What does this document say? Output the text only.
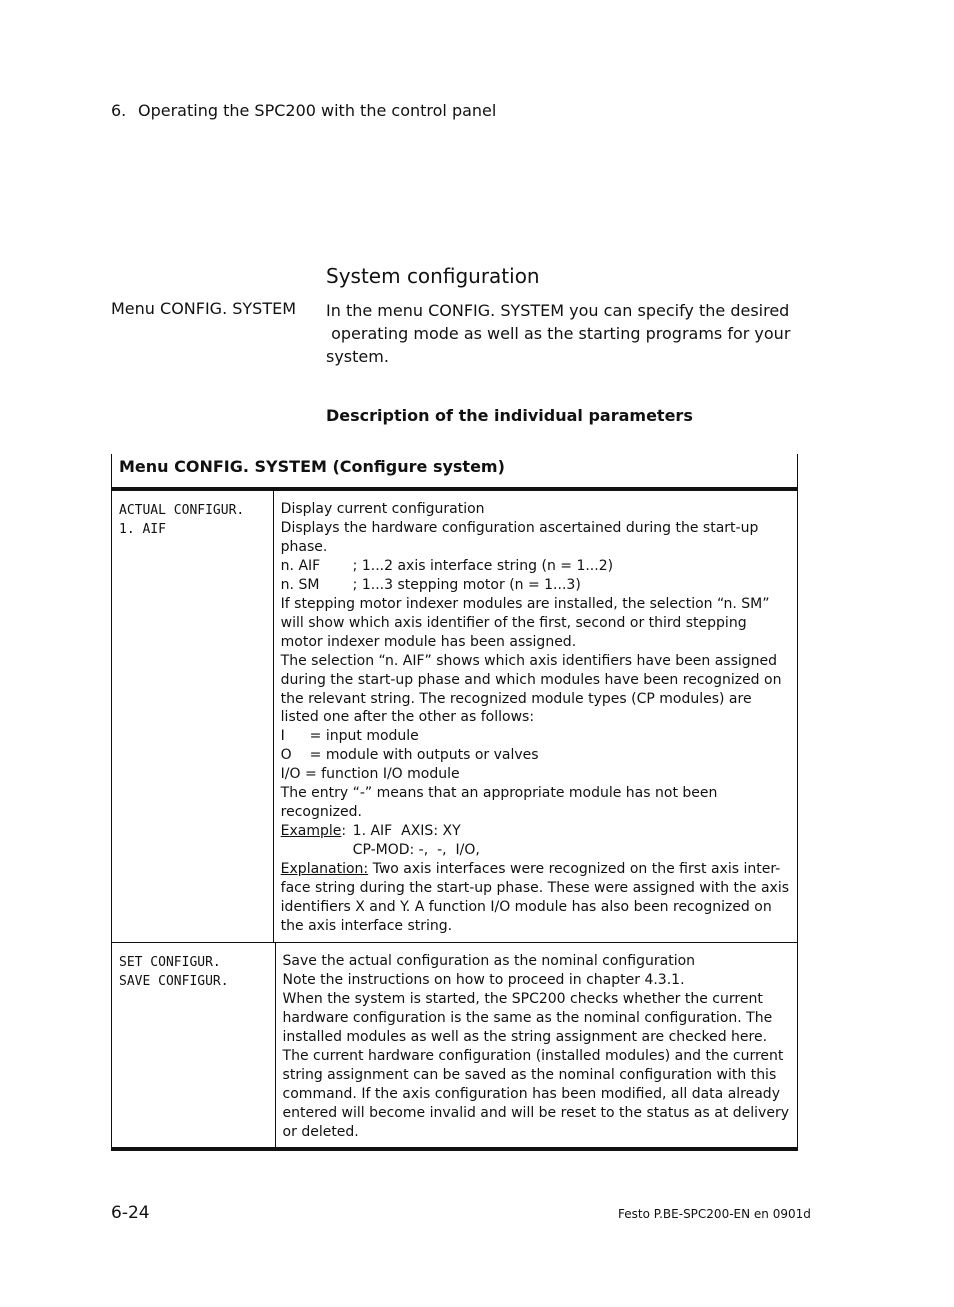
6. Operating the SPC200 with the control panel
System configuration
Menu CONFIG. SYSTEM In the menu CONFIG. SYSTEM you can specify the desired
operating mode as well as the starting programs for your
system.
Description of the individual parameters
Menu CONFIG. SYSTEM (Configure system)
ACTUAL CONFIGUR.
1. AIF
Display current configuration
Displays the hardware configuration ascertained during the start-up
phase.
n. AIF ; 1...2 axis interface string (n = 1...2)
n. SM ; 1...3 stepping motor (n = 1...3)
If stepping motor indexer modules are installed, the selection “n. SM”
will show which axis identifier of the first, second or third stepping
motor indexer module has been assigned.
The selection “n. AIF” shows which axis identifiers have been assigned
during the start-up phase and which modules have been recognized on
the relevant string. The recognized module types (CP modules) are
listed one after the other as follows:
I = input module
O = module with outputs or valves
I/O = function I/O module
The entry “-” means that an appropriate module has not been
recognized.
Example: 1. AIF  AXIS: XY
CP-MOD: -,  -,  I/O,
Explanation: Two axis interfaces were recognized on the first axis inter-
face string during the start-up phase. These were assigned with the axis
identifiers X and Y. A function I/O module has also been recognized on
the axis interface string.
SET CONFIGUR.
SAVE CONFIGUR.
Save the actual configuration as the nominal configuration
Note the instructions on how to proceed in chapter 4.3.1.
When the system is started, the SPC200 checks whether the current
hardware configuration is the same as the nominal configuration. The
installed modules as well as the string assignment are checked here.
The current hardware configuration (installed modules) and the current
string assignment can be saved as the nominal configuration with this
command. If the axis configuration has been modified, all data already
entered will become invalid and will be reset to the status as at delivery
or deleted.
6-24	Festo P.BE-SPC200-EN en 0901d
